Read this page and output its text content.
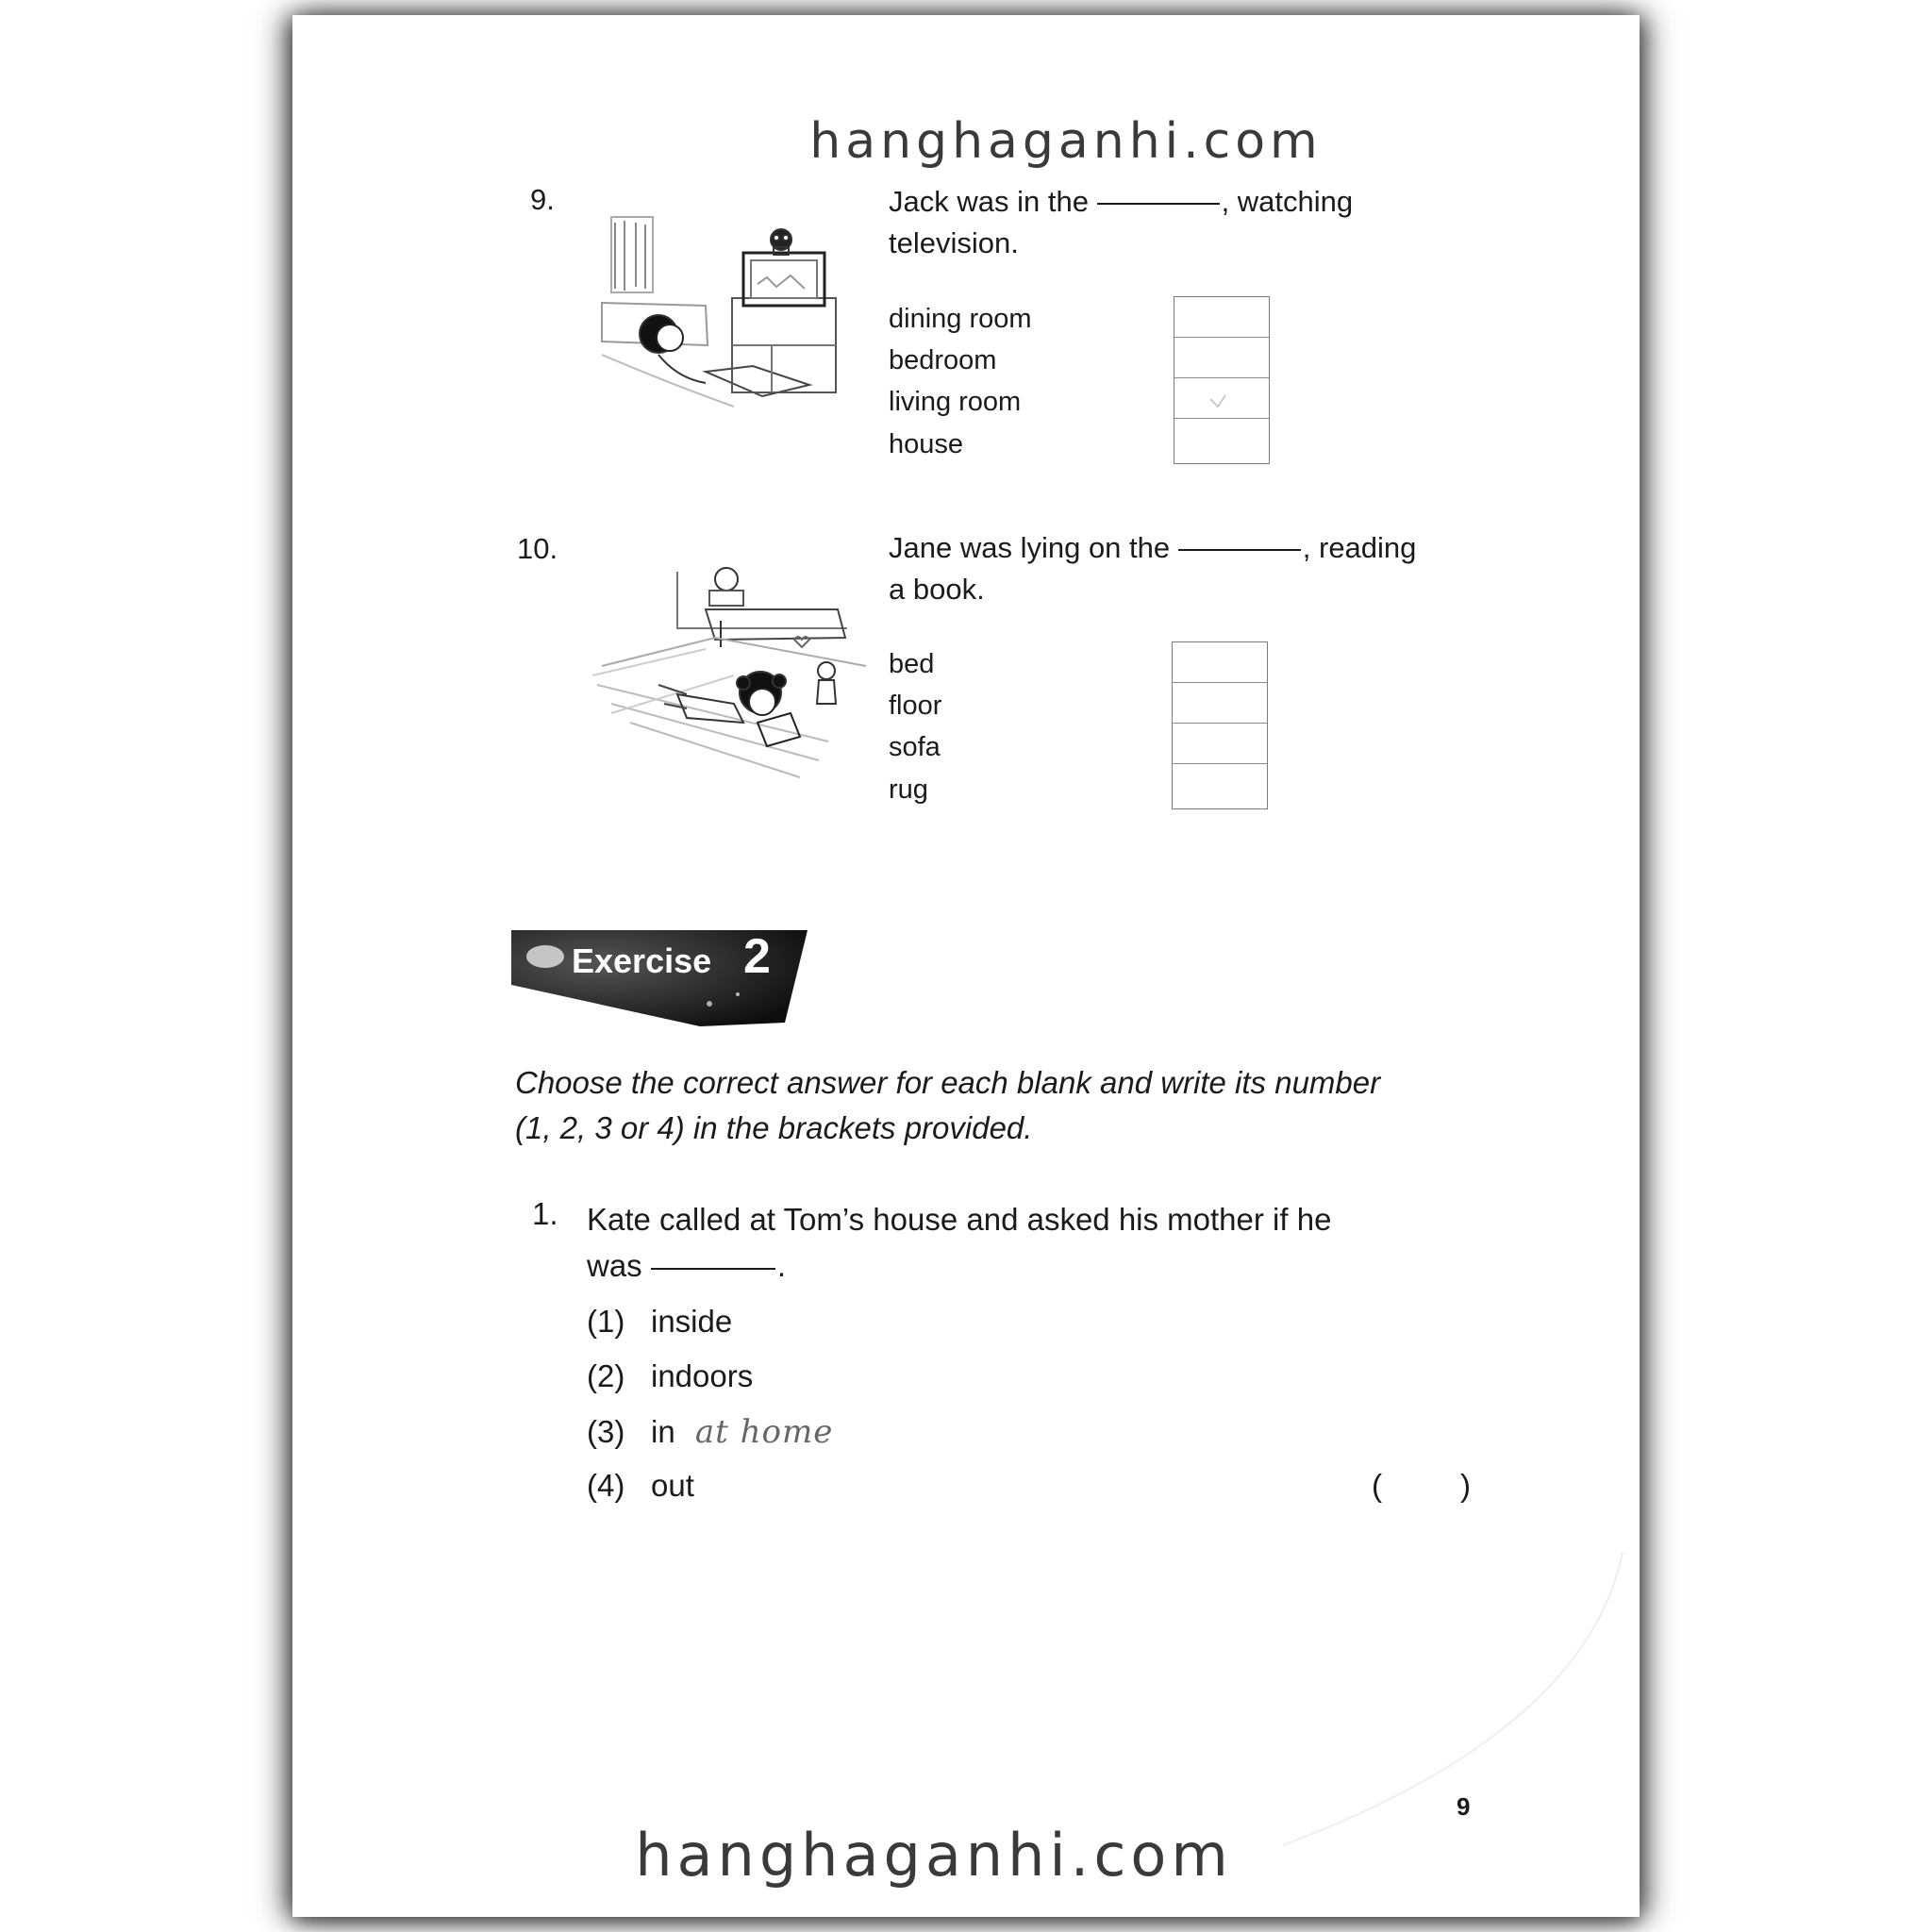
hanghaganhi.com
9.	Jack was in the	, watching
television.
dining room
bedroom
living room
house
10.	Jane was lying on the	, reading
a book.
bed
floor
sofa
rug
Exercise 2
Choose the correct answer for each blank and write its number
(1, 2, 3 or 4) in the brackets provided.
1. Kate called at Tom’s house and asked his mother if he
was	.
(1) inside
(2) indoors
(3) in at home
(4) out	(	)
9
hanghaganhi.com
